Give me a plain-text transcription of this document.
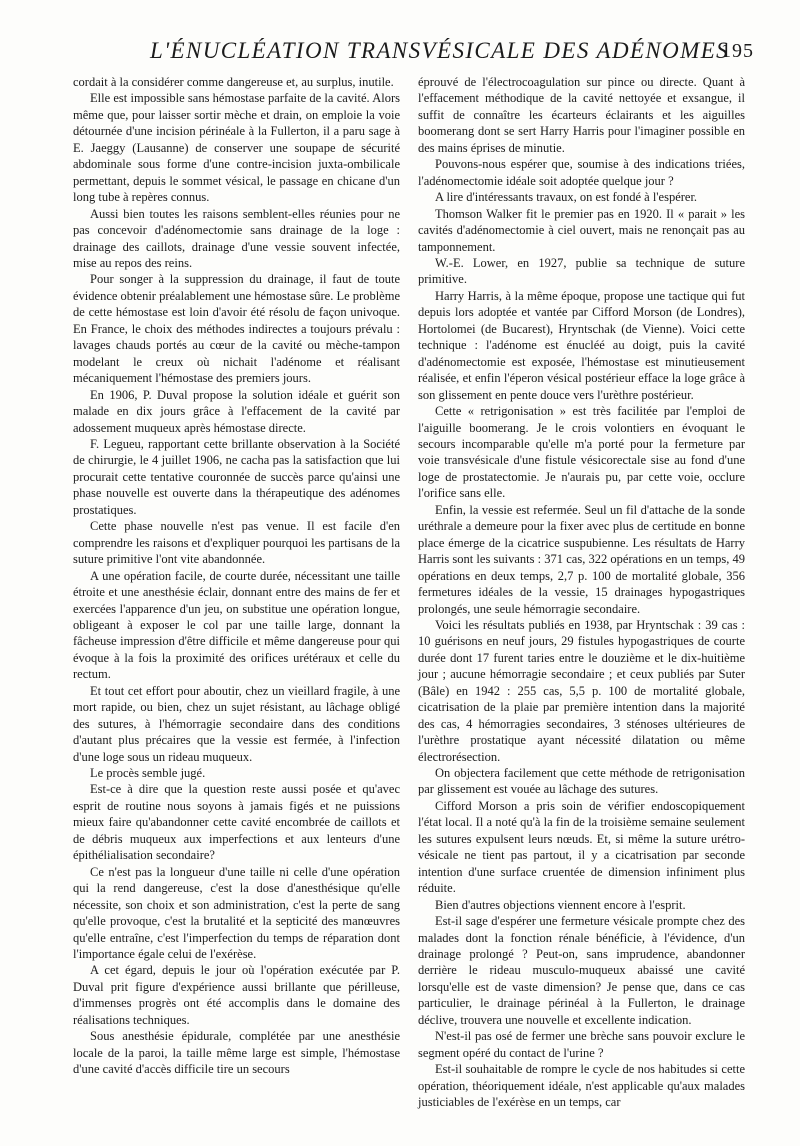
L'ÉNUCLÉATION TRANSVÉSICALE DES ADÉNOMES
195

cordait à la considérer comme dangereuse et, au surplus, inutile.

Elle est impossible sans hémostase parfaite de la cavité. Alors même que, pour laisser sortir mèche et drain, on emploie la voie détournée d'une incision périnéale à la Fullerton, il a paru sage à E. Jaeggy (Lausanne) de conserver une soupape de sécurité abdominale sous forme d'une contre-incision juxta-ombilicale permettant, depuis le sommet vésical, le passage en chicane d'un long tube à repères connus.

Aussi bien toutes les raisons semblent-elles réunies pour ne pas concevoir d'adénomectomie sans drainage de la loge : drainage des caillots, drainage d'une vessie souvent infectée, mise au repos des reins.

Pour songer à la suppression du drainage, il faut de toute évidence obtenir préalablement une hémostase sûre. Le problème de cette hémostase est loin d'avoir été résolu de façon univoque. En France, le choix des méthodes indirectes a toujours prévalu : lavages chauds portés au cœur de la cavité ou mèche-tampon modelant le creux où nichait l'adénome et réalisant mécaniquement l'hémostase des premiers jours.

En 1906, P. Duval propose la solution idéale et guérit son malade en dix jours grâce à l'effacement de la cavité par adossement muqueux après hémostase directe.

F. Legueu, rapportant cette brillante observation à la Société de chirurgie, le 4 juillet 1906, ne cacha pas la satisfaction que lui procurait cette tentative couronnée de succès parce qu'ainsi une phase nouvelle est ouverte dans la thérapeutique des adénomes prostatiques.

Cette phase nouvelle n'est pas venue. Il est facile d'en comprendre les raisons et d'expliquer pourquoi les partisans de la suture primitive l'ont vite abandonnée.

A une opération facile, de courte durée, nécessitant une taille étroite et une anesthésie éclair, donnant entre des mains de fer et exercées l'apparence d'un jeu, on substitue une opération longue, obligeant à exposer le col par une taille large, donnant la fâcheuse impression d'être difficile et même dangereuse pour qui évoque à la fois la proximité des orifices urétéraux et celle du rectum.

Et tout cet effort pour aboutir, chez un vieillard fragile, à une mort rapide, ou bien, chez un sujet résistant, au lâchage obligé des sutures, à l'hémorragie secondaire dans des conditions d'autant plus précaires que la vessie est fermée, à l'infection d'une loge sous un rideau muqueux.

Le procès semble jugé.

Est-ce à dire que la question reste aussi posée et qu'avec esprit de routine nous soyons à jamais figés et ne puissions mieux faire qu'abandonner cette cavité encombrée de caillots et de débris muqueux aux imperfections et aux lenteurs d'une épithélialisation secondaire?

Ce n'est pas la longueur d'une taille ni celle d'une opération qui la rend dangereuse, c'est la dose d'anesthésique qu'elle nécessite, son choix et son administration, c'est la perte de sang qu'elle provoque, c'est la brutalité et la septicité des manœuvres qu'elle entraîne, c'est l'imperfection du temps de réparation dont l'importance égale celui de l'exérèse.

A cet égard, depuis le jour où l'opération exécutée par P. Duval prit figure d'expérience aussi brillante que périlleuse, d'immenses progrès ont été accomplis dans le domaine des réalisations techniques.

Sous anesthésie épidurale, complétée par une anesthésie locale de la paroi, la taille même large est simple, l'hémostase d'une cavité d'accès difficile tire un secours

éprouvé de l'électrocoagulation sur pince ou directe. Quant à l'effacement méthodique de la cavité nettoyée et exsangue, il suffit de connaître les écarteurs éclairants et les aiguilles boomerang dont se sert Harry Harris pour l'imaginer possible en des mains éprises de minutie.

Pouvons-nous espérer que, soumise à des indications triées, l'adénomectomie idéale soit adoptée quelque jour ?

A lire d'intéressants travaux, on est fondé à l'espérer.

Thomson Walker fit le premier pas en 1920. Il « parait » les cavités d'adénomectomie à ciel ouvert, mais ne renonçait pas au tamponnement.

W.-E. Lower, en 1927, publie sa technique de suture primitive.

Harry Harris, à la même époque, propose une tactique qui fut depuis lors adoptée et vantée par Cifford Morson (de Londres), Hortolomei (de Bucarest), Hryntschak (de Vienne). Voici cette technique : l'adénome est énucléé au doigt, puis la cavité d'adénomectomie est exposée, l'hémostase est minutieusement réalisée, et enfin l'éperon vésical postérieur efface la loge grâce à son glissement en pente douce vers l'urèthre postérieur.

Cette « retrigonisation » est très facilitée par l'emploi de l'aiguille boomerang. Je le crois volontiers en évoquant le secours incomparable qu'elle m'a porté pour la fermeture par voie transvésicale d'une fistule vésicorectale sise au fond d'une loge de prostatectomie. Je n'aurais pu, par cette voie, occlure l'orifice sans elle.

Enfin, la vessie est refermée. Seul un fil d'attache de la sonde uréthrale a demeure pour la fixer avec plus de certitude en bonne place émerge de la cicatrice suspubienne. Les résultats de Harry Harris sont les suivants : 371 cas, 322 opérations en un temps, 49 opérations en deux temps, 2,7 p. 100 de mortalité globale, 356 fermetures idéales de la vessie, 15 drainages hypogastriques prolongés, une seule hémorragie secondaire.

Voici les résultats publiés en 1938, par Hryntschak : 39 cas : 10 guérisons en neuf jours, 29 fistules hypogastriques de courte durée dont 17 furent taries entre le douzième et le dix-huitième jour ; aucune hémorragie secondaire ; et ceux publiés par Suter (Bâle) en 1942 : 255 cas, 5,5 p. 100 de mortalité globale, cicatrisation de la plaie par première intention dans la majorité des cas, 4 hémorragies secondaires, 3 sténoses ultérieures de l'urèthre prostatique ayant nécessité dilatation ou même électrorésection.

On objectera facilement que cette méthode de retrigonisation par glissement est vouée au lâchage des sutures.

Cifford Morson a pris soin de vérifier endoscopiquement l'état local. Il a noté qu'à la fin de la troisième semaine seulement les sutures expulsent leurs nœuds. Et, si même la suture urétro-vésicale ne tient pas partout, il y a cicatrisation par seconde intention d'une surface cruentée de dimension infiniment plus réduite.

Bien d'autres objections viennent encore à l'esprit.

Est-il sage d'espérer une fermeture vésicale prompte chez des malades dont la fonction rénale bénéficie, à l'évidence, d'un drainage prolongé ? Peut-on, sans imprudence, abandonner derrière le rideau musculo-muqueux abaissé une cavité lorsqu'elle est de vaste dimension? Je pense que, dans ce cas particulier, le drainage périnéal à la Fullerton, le drainage déclive, trouvera une nouvelle et excellente indication.

N'est-il pas osé de fermer une brèche sans pouvoir exclure le segment opéré du contact de l'urine ?

Est-il souhaitable de rompre le cycle de nos habitudes si cette opération, théoriquement idéale, n'est applicable qu'aux malades justiciables de l'exérèse en un temps, car
